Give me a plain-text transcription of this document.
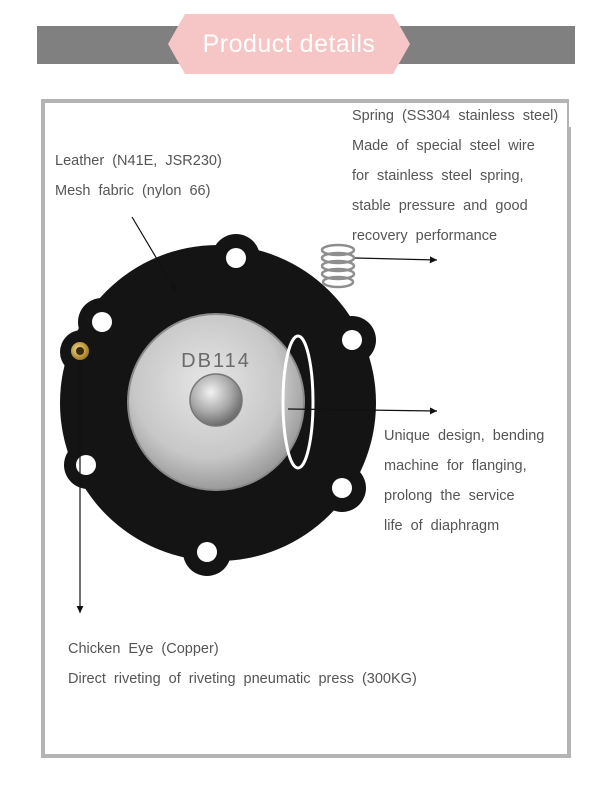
Product details
DB114
Leather (N41E, JSR230)
Mesh fabric (nylon 66)
Spring (SS304 stainless steel)
Made of special steel wire
for stainless steel spring,
stable pressure and good
recovery performance
Unique design, bending
machine for flanging,
prolong the service
life of diaphragm
Chicken Eye (Copper)
Direct riveting of riveting pneumatic press (300KG)
